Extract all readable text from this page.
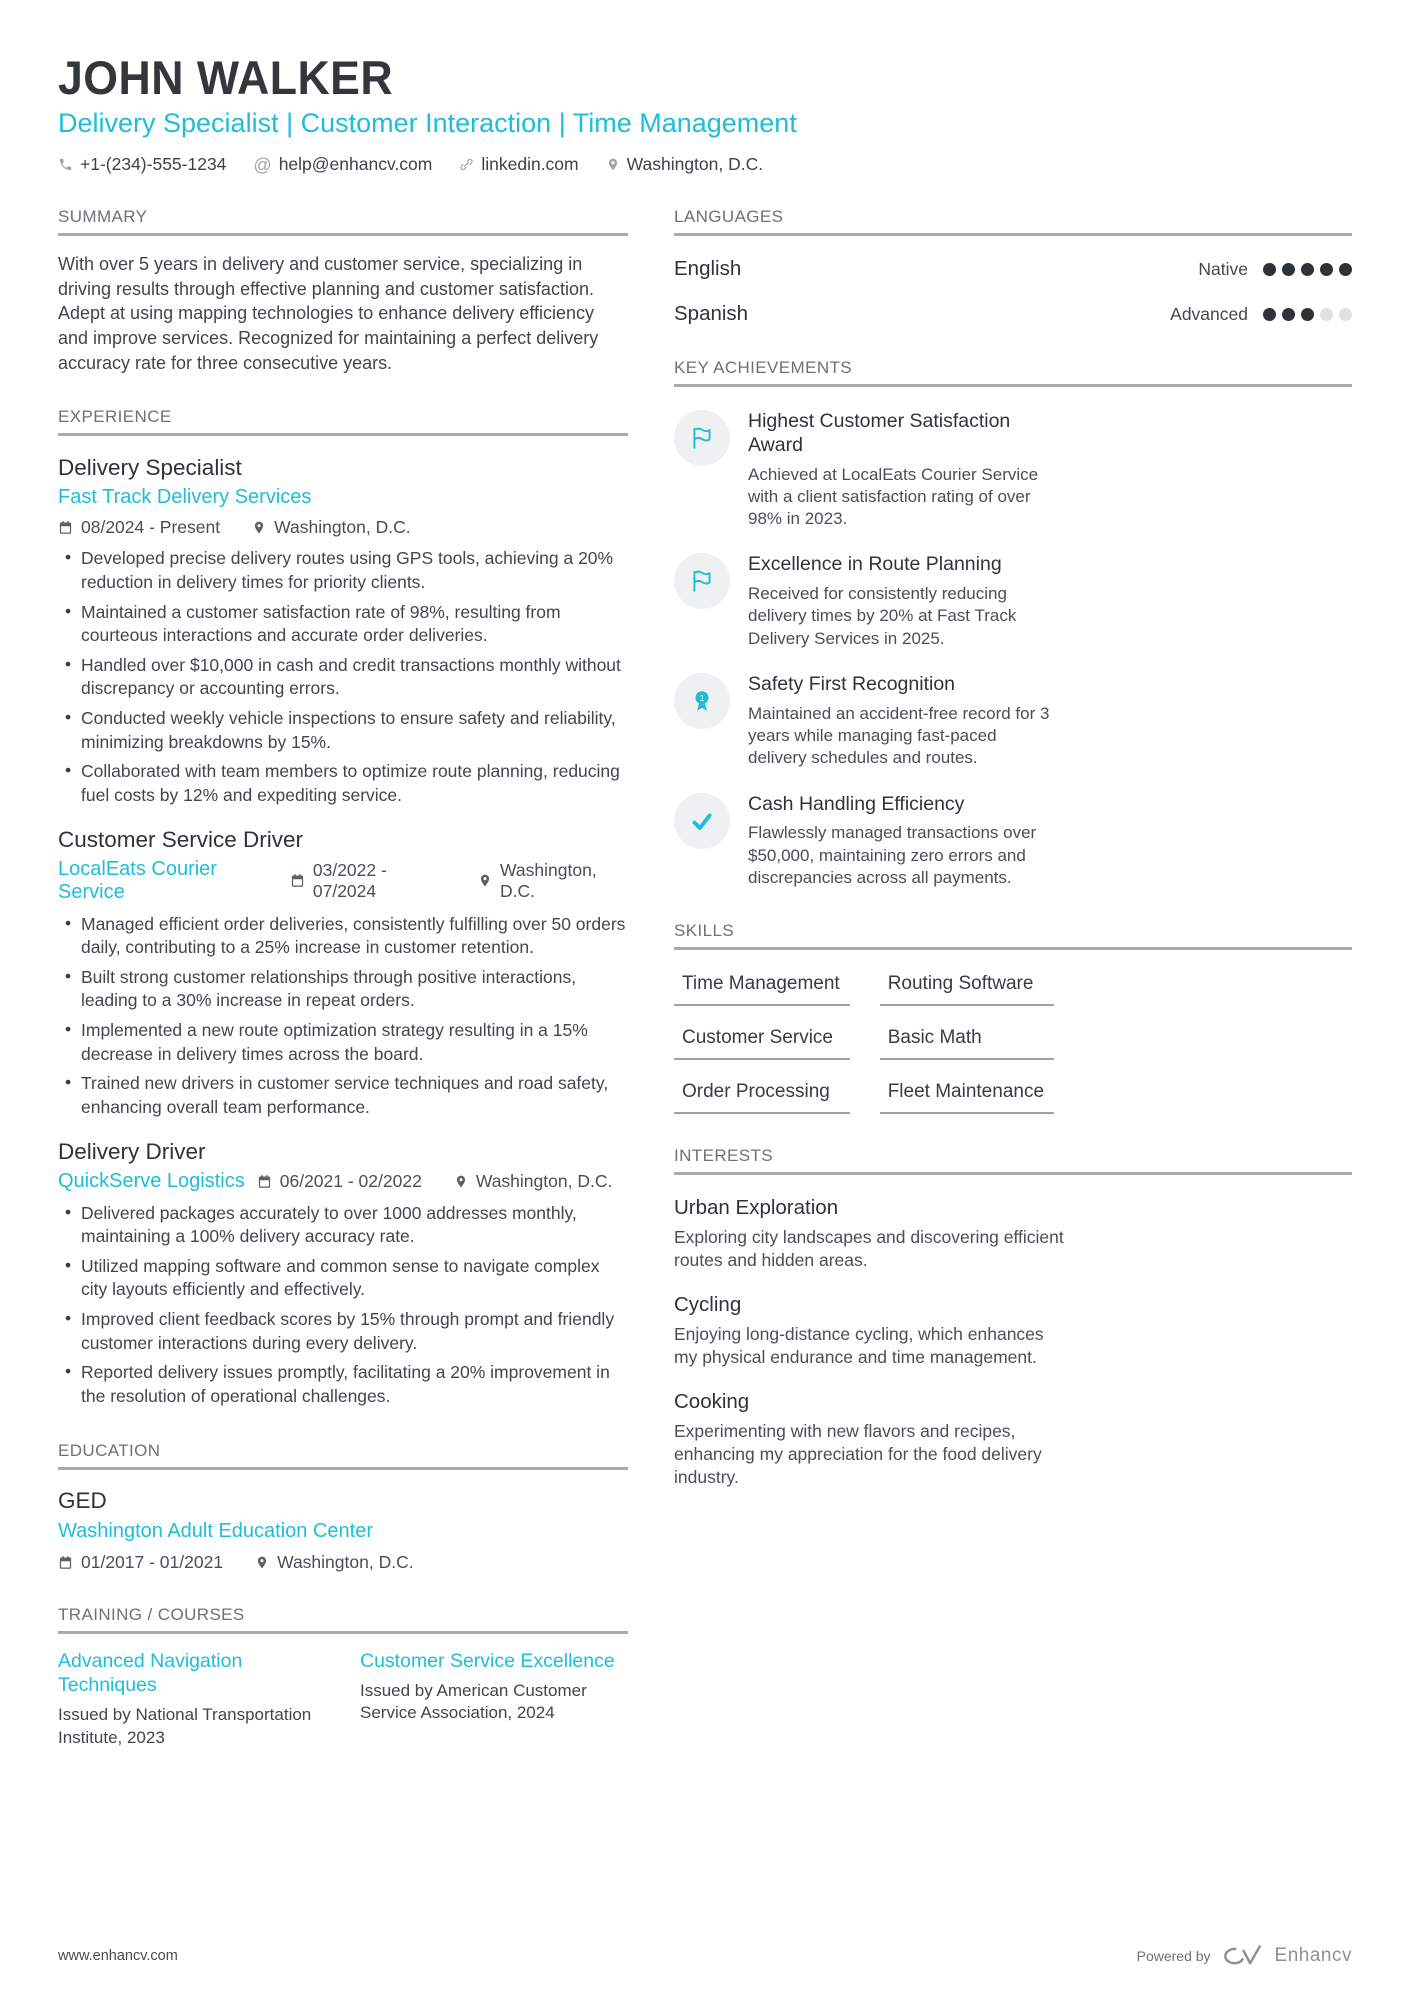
JOHN WALKER
Delivery Specialist | Customer Interaction | Time Management
+1-(234)-555-1234 @ help@enhancv.com	linkedin.com	Washington, D.C.
SUMMARY

With over 5 years in delivery and customer service, specializing in driving results through effective planning and customer satisfaction. Adept at using mapping technologies to enhance delivery efficiency and improve services. Recognized for maintaining a perfect delivery accuracy rate for three consecutive years.

EXPERIENCE
Delivery Specialist
Fast Track Delivery Services
08/2024 - Present	Washington, D.C.
• Developed precise delivery routes using GPS tools, achieving a 20% reduction in delivery times for priority clients.
• Maintained a customer satisfaction rate of 98%, resulting from courteous interactions and accurate order deliveries.
• Handled over $10,000 in cash and credit transactions monthly without discrepancy or accounting errors.
• Conducted weekly vehicle inspections to ensure safety and reliability, minimizing breakdowns by 15%.
• Collaborated with team members to optimize route planning, reducing fuel costs by 12% and expediting service.
Customer Service Driver
LocalEats Courier Service
03/2022 - 07/2024
Washington, D.C.
• Managed efficient order deliveries, consistently fulfilling over 50 orders daily, contributing to a 25% increase in customer retention.
• Built strong customer relationships through positive interactions, leading to a 30% increase in repeat orders.
• Implemented a new route optimization strategy resulting in a 15% decrease in delivery times across the board.
• Trained new drivers in customer service techniques and road safety, enhancing overall team performance.
Delivery Driver
QuickServe Logistics 06/2021 - 02/2022	Washington, D.C.
• Delivered packages accurately to over 1000 addresses monthly, maintaining a 100% delivery accuracy rate.
• Utilized mapping software and common sense to navigate complex city layouts efficiently and effectively.
• Improved client feedback scores by 15% through prompt and friendly customer interactions during every delivery.
• Reported delivery issues promptly, facilitating a 20% improvement in the resolution of operational challenges.
EDUCATION
GED
Washington Adult Education Center
01/2017 - 01/2021	Washington, D.C.
TRAINING / COURSES
Advanced Navigation Techniques
Issued by National Transportation Institute, 2023
Customer Service Excellence
Issued by American Customer Service Association, 2024
LANGUAGES
English	Native
Spanish	Advanced
KEY ACHIEVEMENTS
Highest Customer Satisfaction Award
Achieved at LocalEats Courier Service with a client satisfaction rating of over 98% in 2023.
Excellence in Route Planning
Received for consistently reducing delivery times by 20% at Fast Track Delivery Services in 2025.
1
Safety First Recognition
Maintained an accident-free record for 3 years while managing fast-paced delivery schedules and routes.
Cash Handling Efficiency
Flawlessly managed transactions over $50,000, maintaining zero errors and discrepancies across all payments.
SKILLS
Time Management	Routing Software
Customer Service	Basic Math
Order Processing	Fleet Maintenance
INTERESTS
Urban Exploration
Exploring city landscapes and discovering efficient routes and hidden areas.
Cycling
Enjoying long-distance cycling, which enhances my physical endurance and time management.
Cooking
Experimenting with new flavors and recipes, enhancing my appreciation for the food delivery industry.
www.enhancv.com	Powered by	Enhancv
